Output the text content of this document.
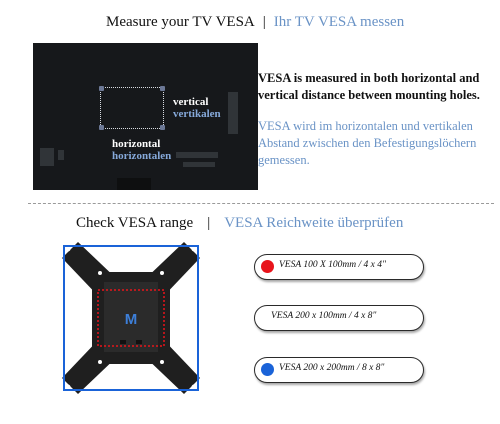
Measure your TV VESA | Ihr TV VESA messen
vertical
vertikalen
horizontal
horizontalen
VESA is measured in both horizontal and vertical distance between mounting holes.
VESA wird im horizontalen und vertikalen Abstand zwischen den Befestigungslöchern gemessen.
Check VESA range | VESA Reichweite überprüfen
M
VESA 100 X 100mm / 4 x 4"
VESA 200 x 100mm / 4 x 8"
VESA 200 x 200mm / 8 x 8"
